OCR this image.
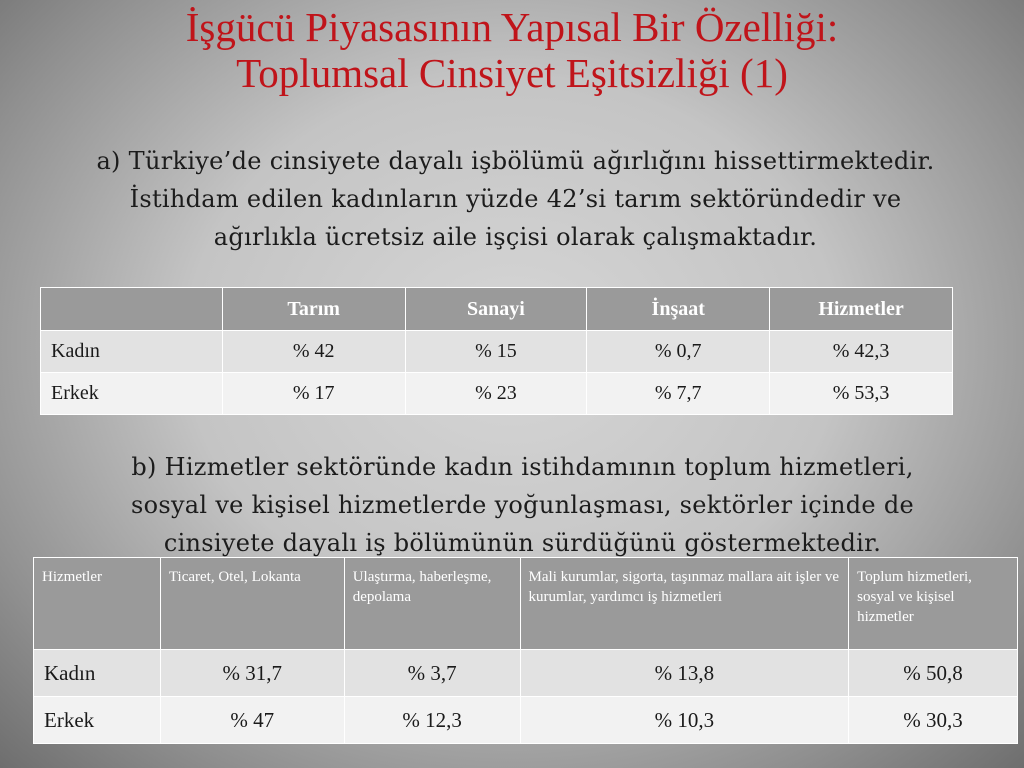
İşgücü Piyasasının Yapısal Bir Özelliği:
Toplumsal Cinsiyet Eşitsizliği (1)
a) Türkiye’de cinsiyete dayalı işbölümü ağırlığını hissettirmektedir.
İstihdam edilen kadınların yüzde 42’si tarım sektöründedir ve
ağırlıkla ücretsiz aile işçisi olarak çalışmaktadır.
	Tarım	Sanayi	İnşaat	Hizmetler
Kadın	% 42	% 15	% 0,7	% 42,3
Erkek	% 17	% 23	% 7,7	% 53,3
b) Hizmetler sektöründe kadın istihdamının toplum hizmetleri,
sosyal ve kişisel hizmetlerde yoğunlaşması, sektörler içinde de
cinsiyete dayalı iş bölümünün sürdüğünü göstermektedir.
Hizmetler	Ticaret, Otel, Lokanta	Ulaştırma, haberleşme, depolama	Mali kurumlar, sigorta, taşınmaz mallara ait işler ve kurumlar, yardımcı iş hizmetleri	Toplum hizmetleri, sosyal ve kişisel hizmetler
Kadın	% 31,7	% 3,7	% 13,8	% 50,8
Erkek	% 47	% 12,3	% 10,3	% 30,3
